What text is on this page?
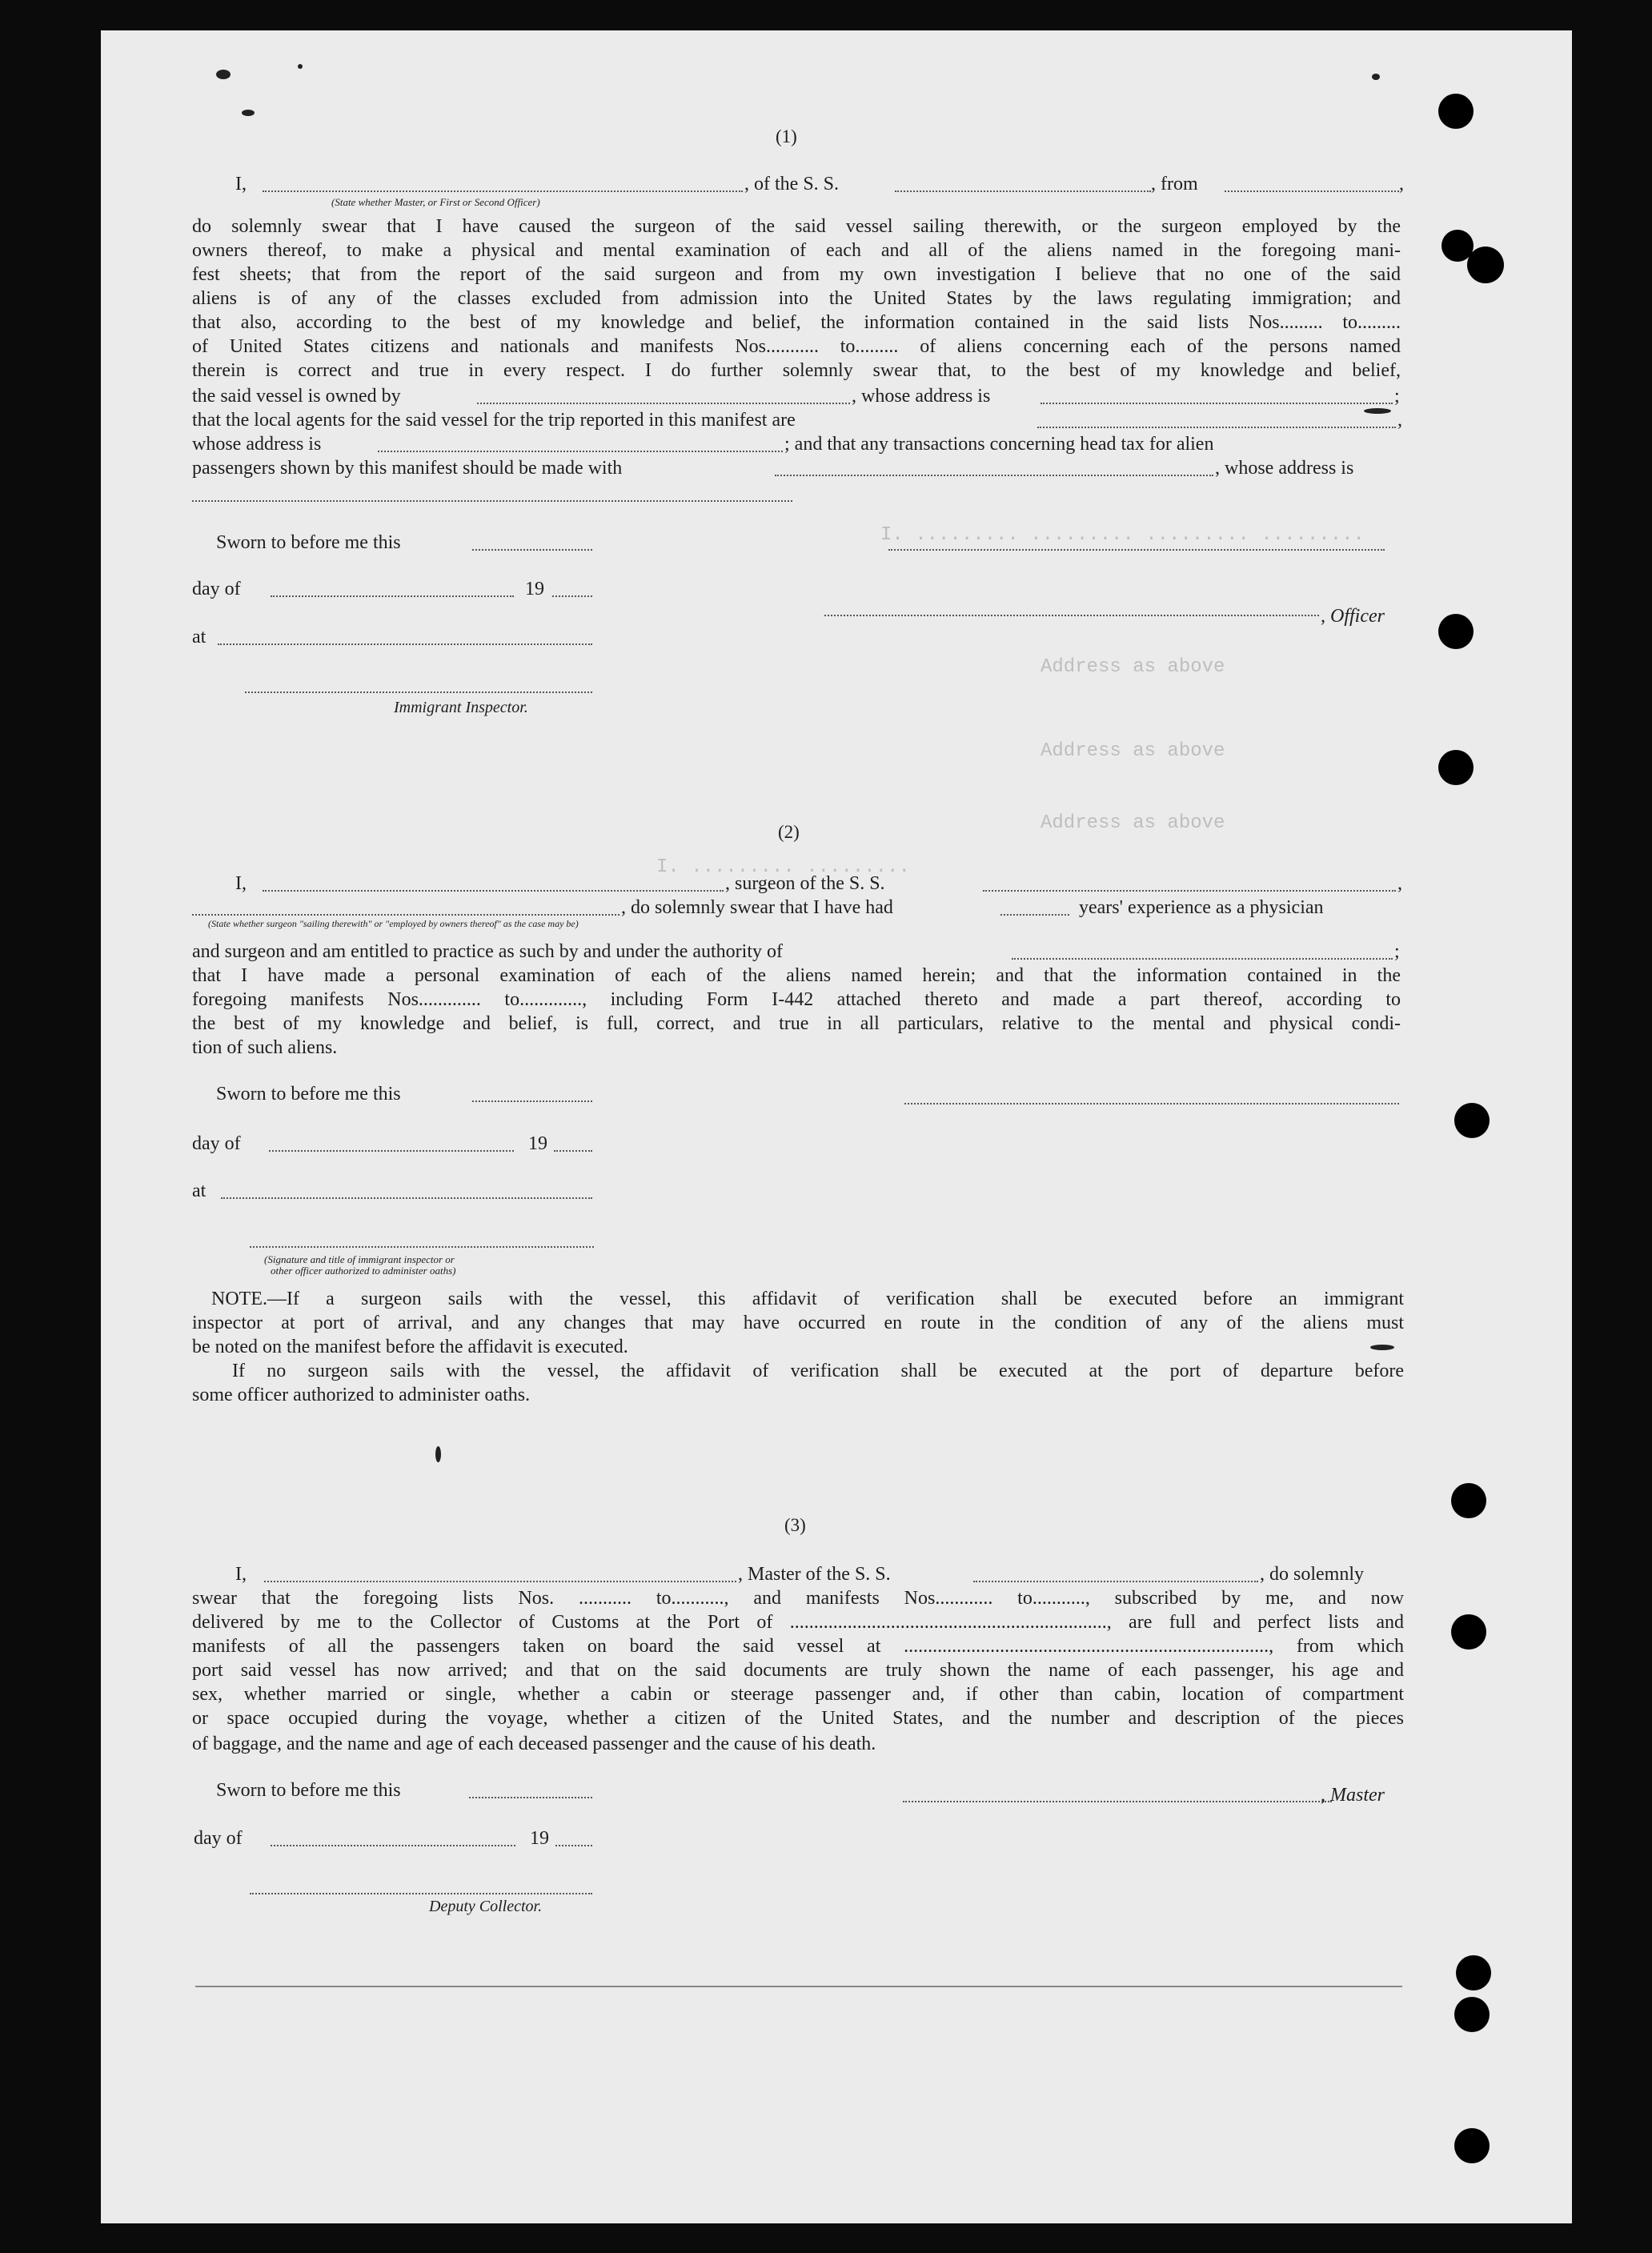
I. ......... ......... ......... .........
Address as above
I. ......... .........
Address as above
Address as above
(1)
I,	, of the S. S.	, from	,
(State whether Master, or First or Second Officer)
do solemnly swear that I have caused the surgeon of the said vessel sailing therewith, or the surgeon employed by the
owners thereof, to make a physical and mental examination of each and all of the aliens named in the foregoing mani-
fest sheets; that from the report of the said surgeon and from my own investigation I believe that no one of the said
aliens is of any of the classes excluded from admission into the United States by the laws regulating immigration; and
that also, according to the best of my knowledge and belief, the information contained in the said lists Nos......... to.........
of United States citizens and nationals and manifests Nos........... to......... of aliens concerning each of the persons named
therein is correct and true in every respect. I do further solemnly swear that, to the best of my knowledge and belief,
the said vessel is owned by	, whose address is	;
that the local agents for the said vessel for the trip reported in this manifest are	,
whose address is	; and that any transactions concerning head tax for alien
passengers shown by this manifest should be made with	, whose address is
Sworn to before me this
day of	19
, Officer
at
Immigrant Inspector.
(2)
I,	, surgeon of the S. S.	,
, do solemnly swear that I have had	years' experience as a physician
(State whether surgeon "sailing therewith" or "employed by owners thereof" as the case may be)
and surgeon and am entitled to practice as such by and under the authority of	;
that I have made a personal examination of each of the aliens named herein; and that the information contained in the
foregoing manifests Nos............. to............., including Form I-442 attached thereto and made a part thereof, according to
the best of my knowledge and belief, is full, correct, and true in all particulars, relative to the mental and physical condi-
tion of such aliens.
Sworn to before me this
day of	19
at
(Signature and title of immigrant inspector or
other officer authorized to administer oaths)
NOTE.—If a surgeon sails with the vessel, this affidavit of verification shall be executed before an immigrant
inspector at port of arrival, and any changes that may have occurred en route in the condition of any of the aliens must
be noted on the manifest before the affidavit is executed.
If no surgeon sails with the vessel, the affidavit of verification shall be executed at the port of departure before
some officer authorized to administer oaths.
(3)
I,	, Master of the S. S.	, do solemnly
swear that the foregoing lists Nos. ........... to..........., and manifests Nos............ to..........., subscribed by me, and now
delivered by me to the Collector of Customs at the Port of .................................................................., are full and perfect lists and
manifests of all the passengers taken on board the said vessel at ............................................................................, from which
port said vessel has now arrived; and that on the said documents are truly shown the name of each passenger, his age and
sex, whether married or single, whether a cabin or steerage passenger and, if other than cabin, location of compartment
or space occupied during the voyage, whether a citizen of the United States, and the number and description of the pieces
of baggage, and the name and age of each deceased passenger and the cause of his death.
Sworn to before me this	, Master
day of	19
Deputy Collector.
